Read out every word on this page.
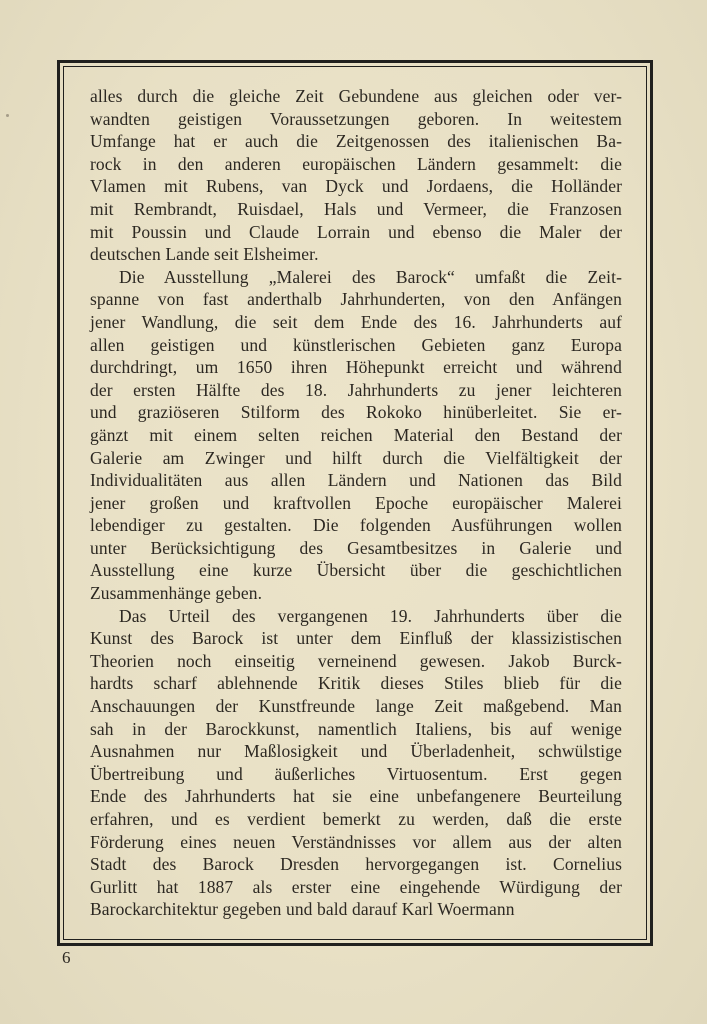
alles durch die gleiche Zeit Gebundene aus gleichen oder ver-
wandten geistigen Voraussetzungen geboren. In weitestem
Umfange hat er auch die Zeitgenossen des italienischen Ba-
rock in den anderen europäischen Ländern gesammelt: die
Vlamen mit Rubens, van Dyck und Jordaens, die Holländer
mit Rembrandt, Ruisdael, Hals und Vermeer, die Franzosen
mit Poussin und Claude Lorrain und ebenso die Maler der
deutschen Lande seit Elsheimer.
Die Ausstellung „Malerei des Barock“ umfaßt die Zeit-
spanne von fast anderthalb Jahrhunderten, von den Anfängen
jener Wandlung, die seit dem Ende des 16. Jahrhunderts auf
allen geistigen und künstlerischen Gebieten ganz Europa
durchdringt, um 1650 ihren Höhepunkt erreicht und während
der ersten Hälfte des 18. Jahrhunderts zu jener leichteren
und graziöseren Stilform des Rokoko hinüberleitet. Sie er-
gänzt mit einem selten reichen Material den Bestand der
Galerie am Zwinger und hilft durch die Vielfältigkeit der
Individualitäten aus allen Ländern und Nationen das Bild
jener großen und kraftvollen Epoche europäischer Malerei
lebendiger zu gestalten. Die folgenden Ausführungen wollen
unter Berücksichtigung des Gesamtbesitzes in Galerie und
Ausstellung eine kurze Übersicht über die geschichtlichen
Zusammenhänge geben.
Das Urteil des vergangenen 19. Jahrhunderts über die
Kunst des Barock ist unter dem Einfluß der klassizistischen
Theorien noch einseitig verneinend gewesen. Jakob Burck-
hardts scharf ablehnende Kritik dieses Stiles blieb für die
Anschauungen der Kunstfreunde lange Zeit maßgebend. Man
sah in der Barockkunst, namentlich Italiens, bis auf wenige
Ausnahmen nur Maßlosigkeit und Überladenheit, schwülstige
Übertreibung und äußerliches Virtuosentum. Erst gegen
Ende des Jahrhunderts hat sie eine unbefangenere Beurteilung
erfahren, und es verdient bemerkt zu werden, daß die erste
Förderung eines neuen Verständnisses vor allem aus der alten
Stadt des Barock Dresden hervorgegangen ist. Cornelius
Gurlitt hat 1887 als erster eine eingehende Würdigung der
Barockarchitektur gegeben und bald darauf Karl Woermann
6
